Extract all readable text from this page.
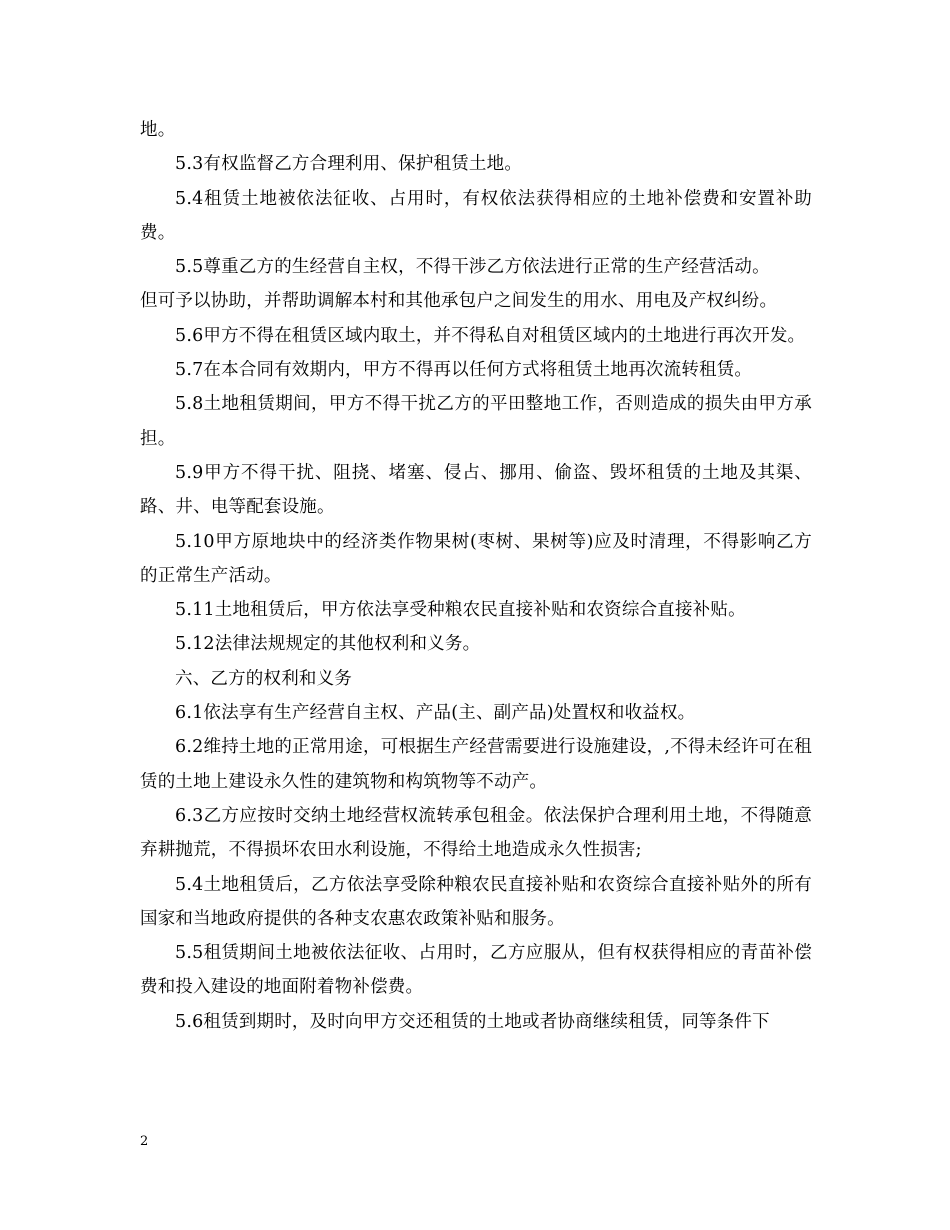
地。

5.3有权监督乙方合理利用、保护租赁土地。

5.4租赁土地被依法征收、占用时，有权依法获得相应的土地补偿费和安置补助费。

5.5尊重乙方的生经营自主权，不得干涉乙方依法进行正常的生产经营活动。

但可予以协助，并帮助调解本村和其他承包户之间发生的用水、用电及产权纠纷。

5.6甲方不得在租赁区域内取土，并不得私自对租赁区域内的土地进行再次开发。

5.7在本合同有效期内，甲方不得再以任何方式将租赁土地再次流转租赁。

5.8土地租赁期间，甲方不得干扰乙方的平田整地工作，否则造成的损失由甲方承担。

5.9甲方不得干扰、阻挠、堵塞、侵占、挪用、偷盗、毁坏租赁的土地及其渠、路、井、电等配套设施。

5.10甲方原地块中的经济类作物果树(枣树、果树等)应及时清理，不得影响乙方的正常生产活动。

5.11土地租赁后，甲方依法享受种粮农民直接补贴和农资综合直接补贴。

5.12法律法规规定的其他权利和义务。

六、乙方的权利和义务

6.1依法享有生产经营自主权、产品(主、副产品)处置权和收益权。

6.2维持土地的正常用途，可根据生产经营需要进行设施建设，,不得未经许可在租赁的土地上建设永久性的建筑物和构筑物等不动产。

6.3乙方应按时交纳土地经营权流转承包租金。依法保护合理利用土地，不得随意弃耕抛荒，不得损坏农田水利设施，不得给土地造成永久性损害;

5.4土地租赁后，乙方依法享受除种粮农民直接补贴和农资综合直接补贴外的所有国家和当地政府提供的各种支农惠农政策补贴和服务。

5.5租赁期间土地被依法征收、占用时，乙方应服从，但有权获得相应的青苗补偿费和投入建设的地面附着物补偿费。

5.6租赁到期时，及时向甲方交还租赁的土地或者协商继续租赁，同等条件下

2
